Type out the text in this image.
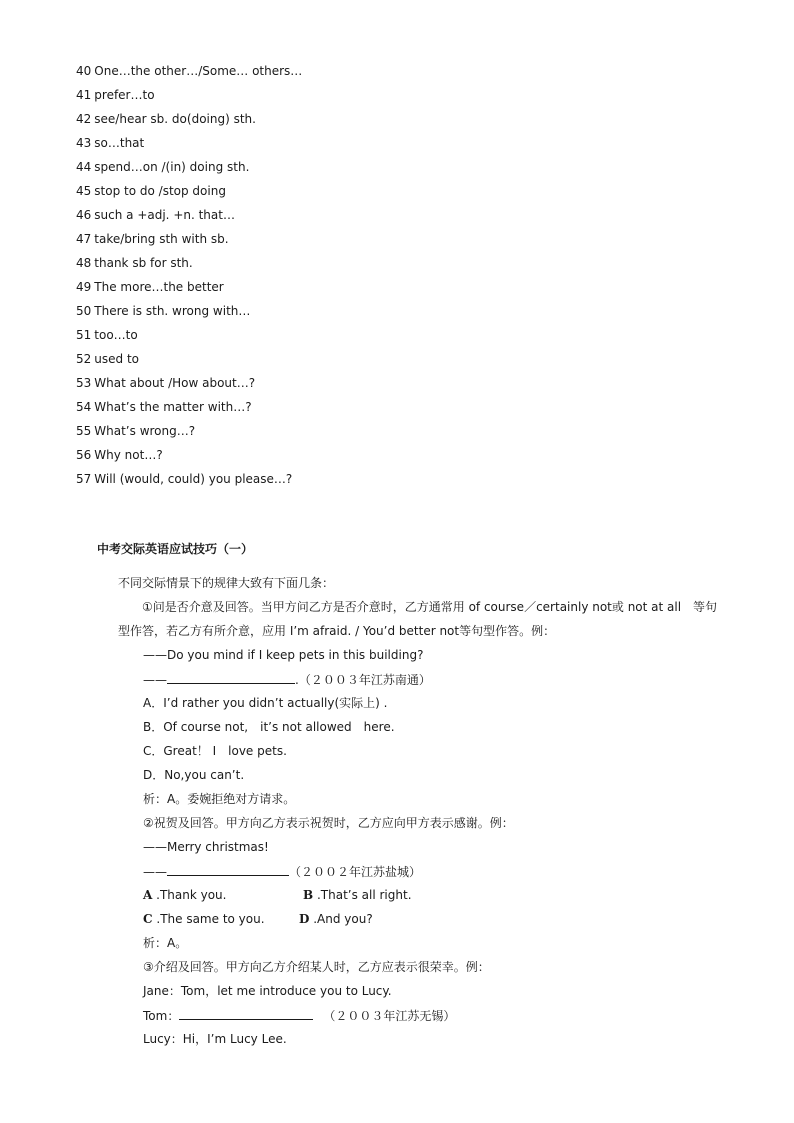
40 One…the other…/Some… others…
41 prefer…to
42 see/hear sb. do(doing) sth.
43 so…that
44 spend…on /(in) doing sth.
45 stop to do /stop doing
46 such a +adj. +n. that…
47 take/bring sth with sb.
48 thank sb for sth.
49 The more…the better
50 There is sth. wrong with…
51 too…to
52 used to
53 What about /How about…?
54 What’s the matter with…?
55 What’s wrong…?
56 Why not…?
57 Will (would, could) you please…?
中考交际英语应试技巧（一）
不同交际情景下的规律大致有下面几条：
①问是否介意及回答。当甲方问乙方是否介意时，乙方通常用 of course／certainly not或 not at all　等句
型作答，若乙方有所介意，应用 I’m afraid. / You’d better not等句型作答。例：
——Do you mind if I keep pets in this building?
——	.（２００３年江苏南通）
A．I’d rather you didn’t actually(实际上) .
B．Of course not,　it’s not allowed　here.
C．Great！ I　love pets.
D．No,you can’t.
析：A。委婉拒绝对方请求。
②祝贺及回答。甲方向乙方表示祝贺时，乙方应向甲方表示感谢。例：
——Merry christmas!
——	（２００２年江苏盐城）
A .Thank you.	B .That’s all right.
C .The same to you.	D .And you?
析：A。
③介绍及回答。甲方向乙方介绍某人时，乙方应表示很荣幸。例：
Jane：Tom，let me introduce you to Lucy.
Tom：	（２００３年江苏无锡）
Lucy：Hi，I’m Lucy Lee.
